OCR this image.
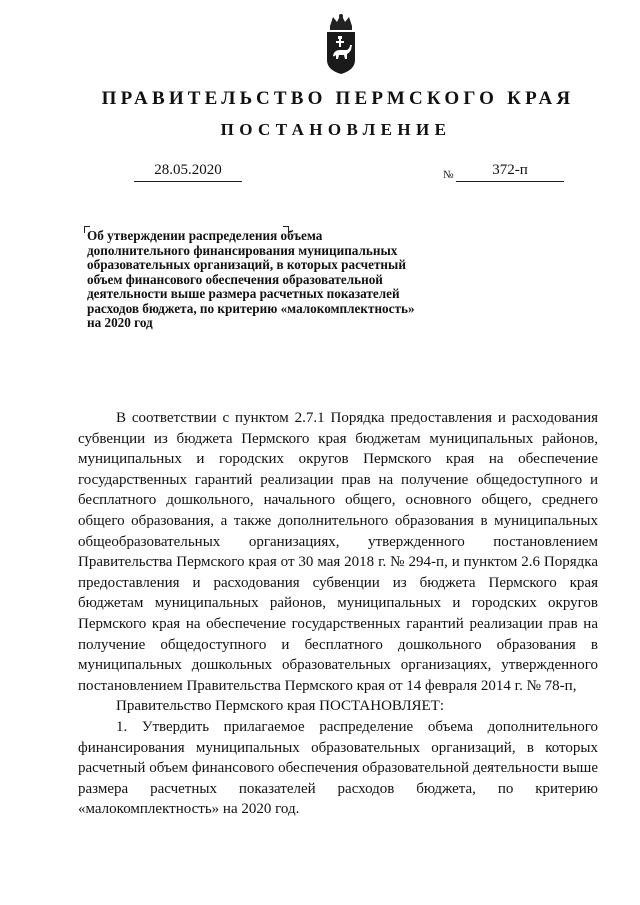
ПРАВИТЕЛЬСТВО ПЕРМСКОГО КРАЯ
ПОСТАНОВЛЕНИЕ
28.05.2020	№	372-п
Об утверждении распределения объема дополнительного финансирования муниципальных образовательных организаций, в которых расчетный объем финансового обеспечения образовательной деятельности выше размера расчетных показателей расходов бюджета, по критерию «малокомплектность» на 2020 год

В соответствии с пунктом 2.7.1 Порядка предоставления и расходования субвенции из бюджета Пермского края бюджетам муниципальных районов, муниципальных и городских округов Пермского края на обеспечение государственных гарантий реализации прав на получение общедоступного и бесплатного дошкольного, начального общего, основного общего, среднего общего образования, а также дополнительного образования в муниципальных общеобразовательных организациях, утвержденного постановлением Правительства Пермского края от 30 мая 2018 г. № 294-п, и пунктом 2.6 Порядка предоставления и расходования субвенции из бюджета Пермского края бюджетам муниципальных районов, муниципальных и городских округов Пермского края на обеспечение государственных гарантий реализации прав на получение общедоступного и бесплатного дошкольного образования в муниципальных дошкольных образовательных организациях, утвержденного постановлением Правительства Пермского края от 14 февраля 2014 г. № 78-п,

Правительство Пермского края ПОСТАНОВЛЯЕТ:

1. Утвердить прилагаемое распределение объема дополнительного финансирования муниципальных образовательных организаций, в которых расчетный объем финансового обеспечения образовательной деятельности выше размера расчетных показателей расходов бюджета, по критерию «малокомплектность» на 2020 год.
